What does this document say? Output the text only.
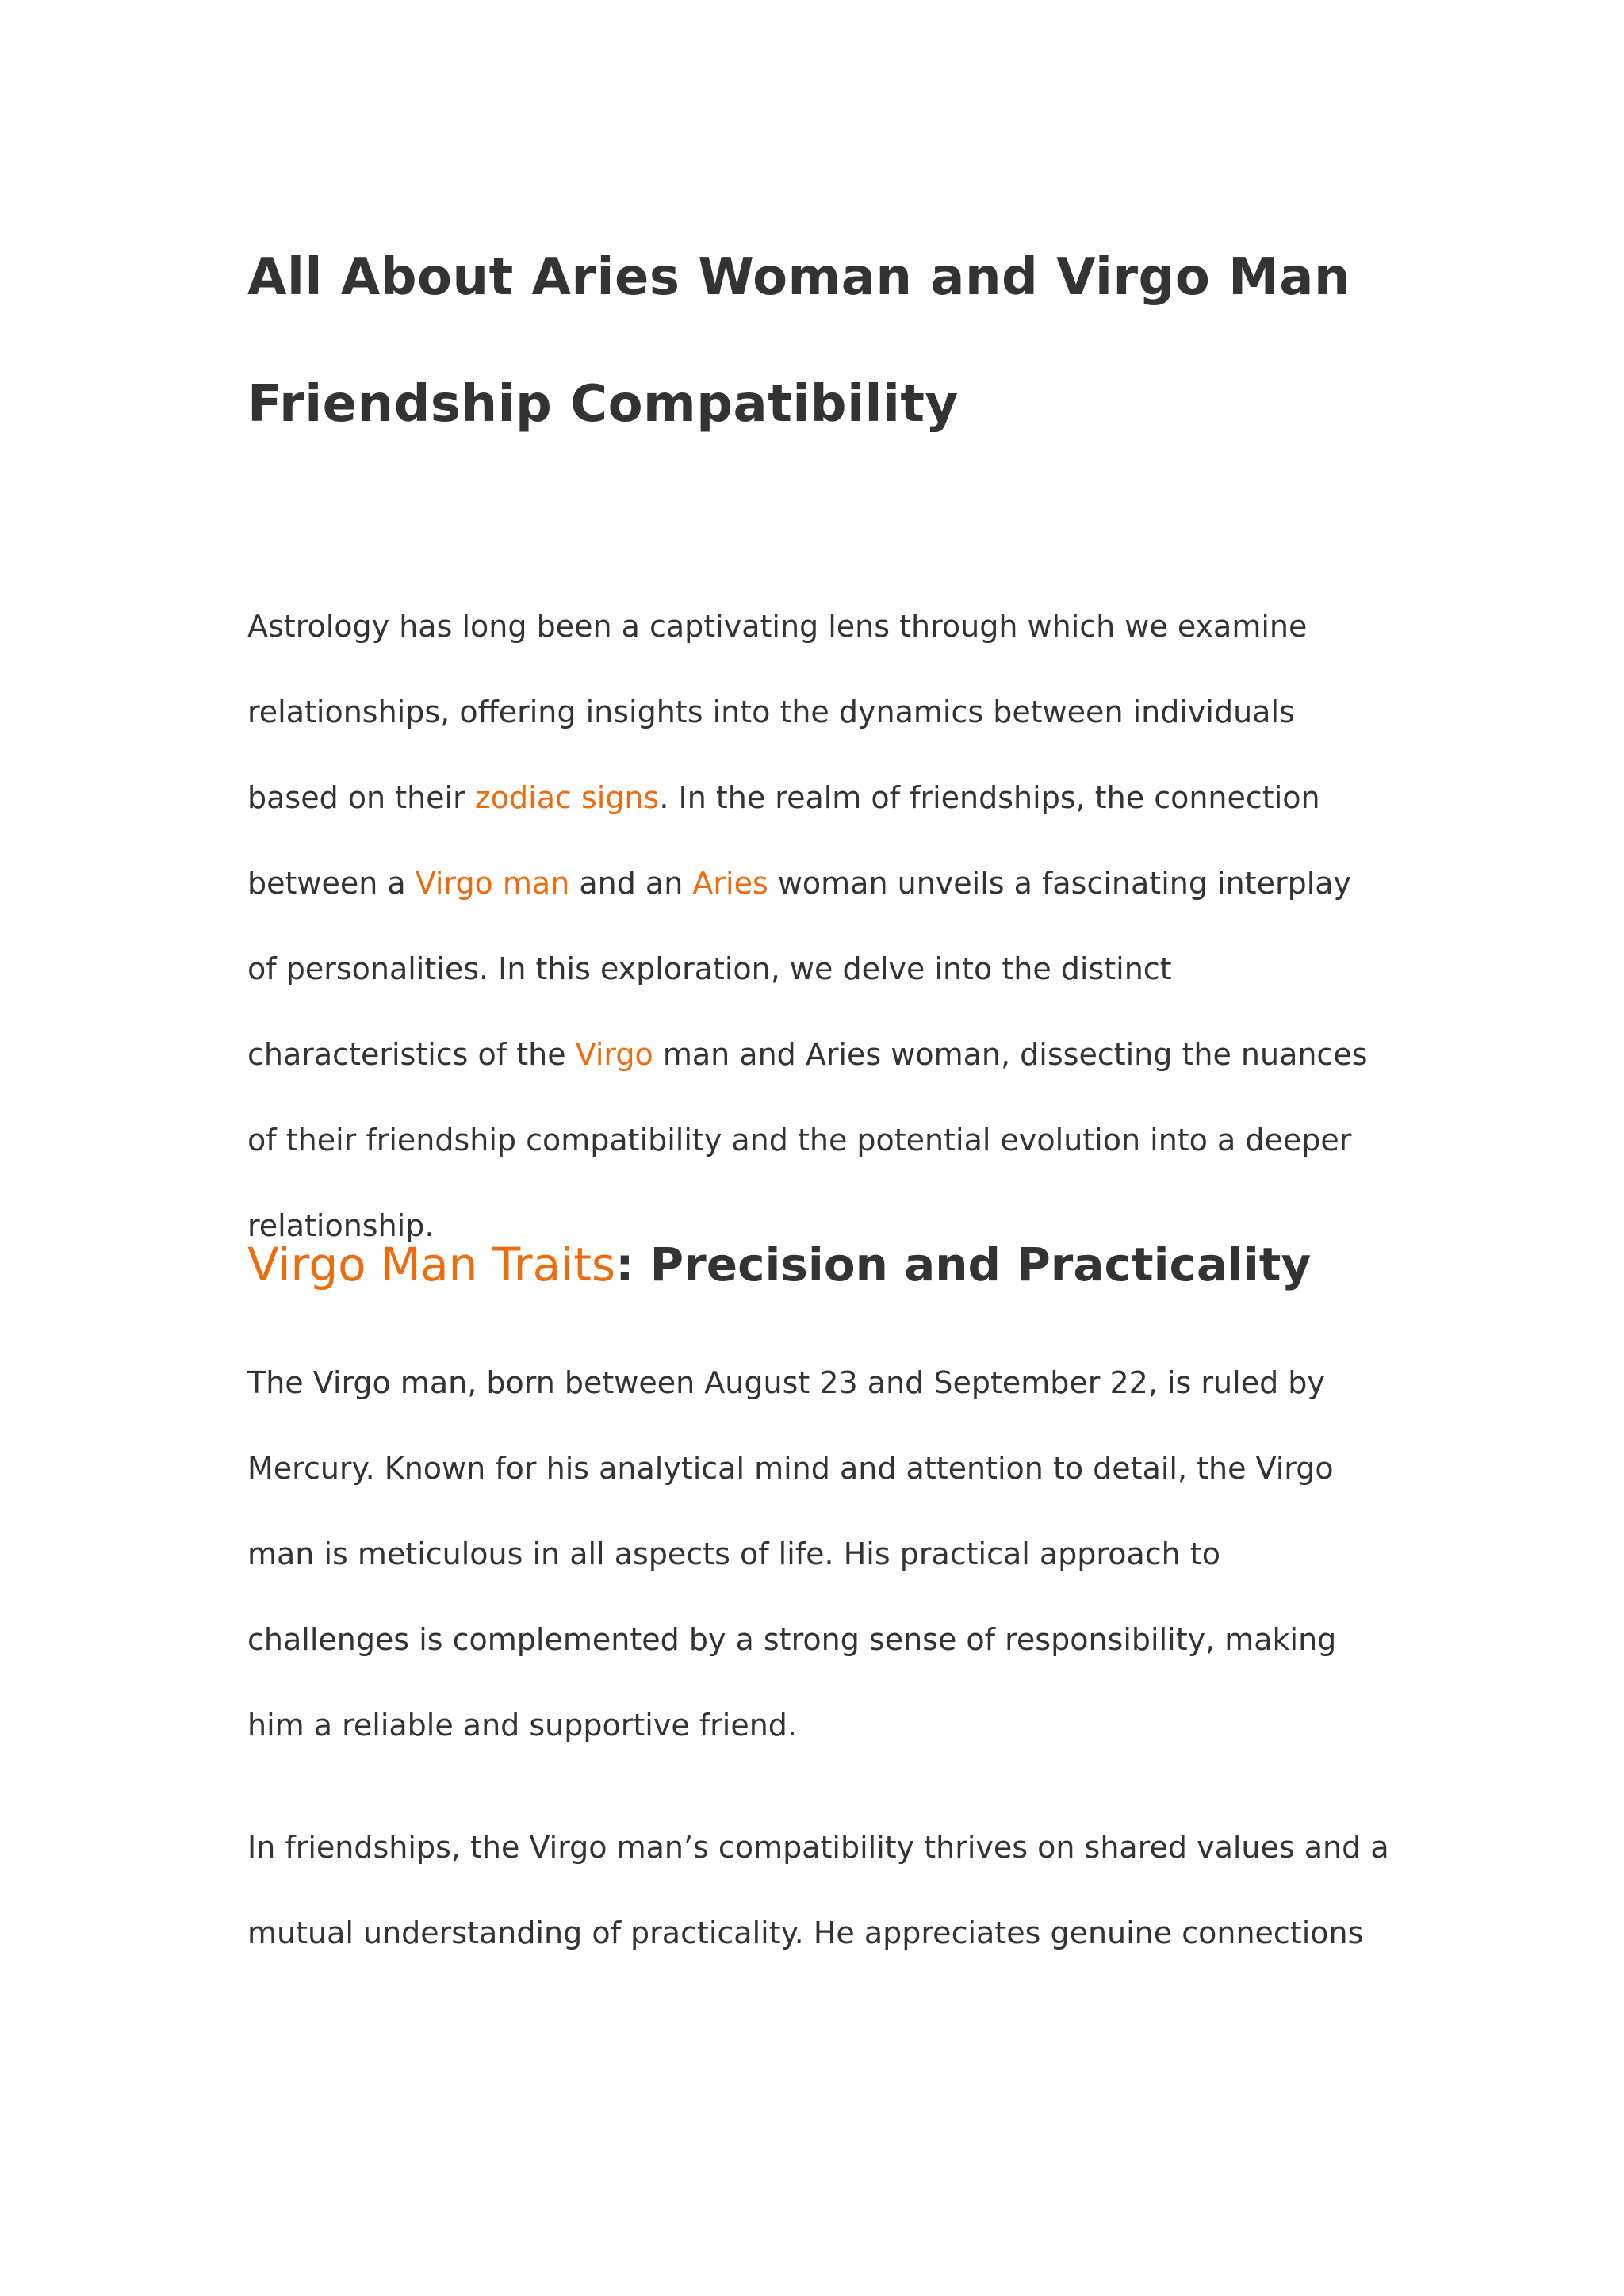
All About Aries Woman and Virgo Man Friendship Compatibility

Astrology has long been a captivating lens through which we examine relationships, offering insights into the dynamics between individuals based on their zodiac signs. In the realm of friendships, the connection between a Virgo man and an Aries woman unveils a fascinating interplay of personalities. In this exploration, we delve into the distinct characteristics of the Virgo man and Aries woman, dissecting the nuances of their friendship compatibility and the potential evolution into a deeper relationship.

Virgo Man Traits: Precision and Practicality

The Virgo man, born between August 23 and September 22, is ruled by Mercury. Known for his analytical mind and attention to detail, the Virgo man is meticulous in all aspects of life. His practical approach to challenges is complemented by a strong sense of responsibility, making him a reliable and supportive friend.

In friendships, the Virgo man’s compatibility thrives on shared values and a mutual understanding of practicality. He appreciates genuine connections
